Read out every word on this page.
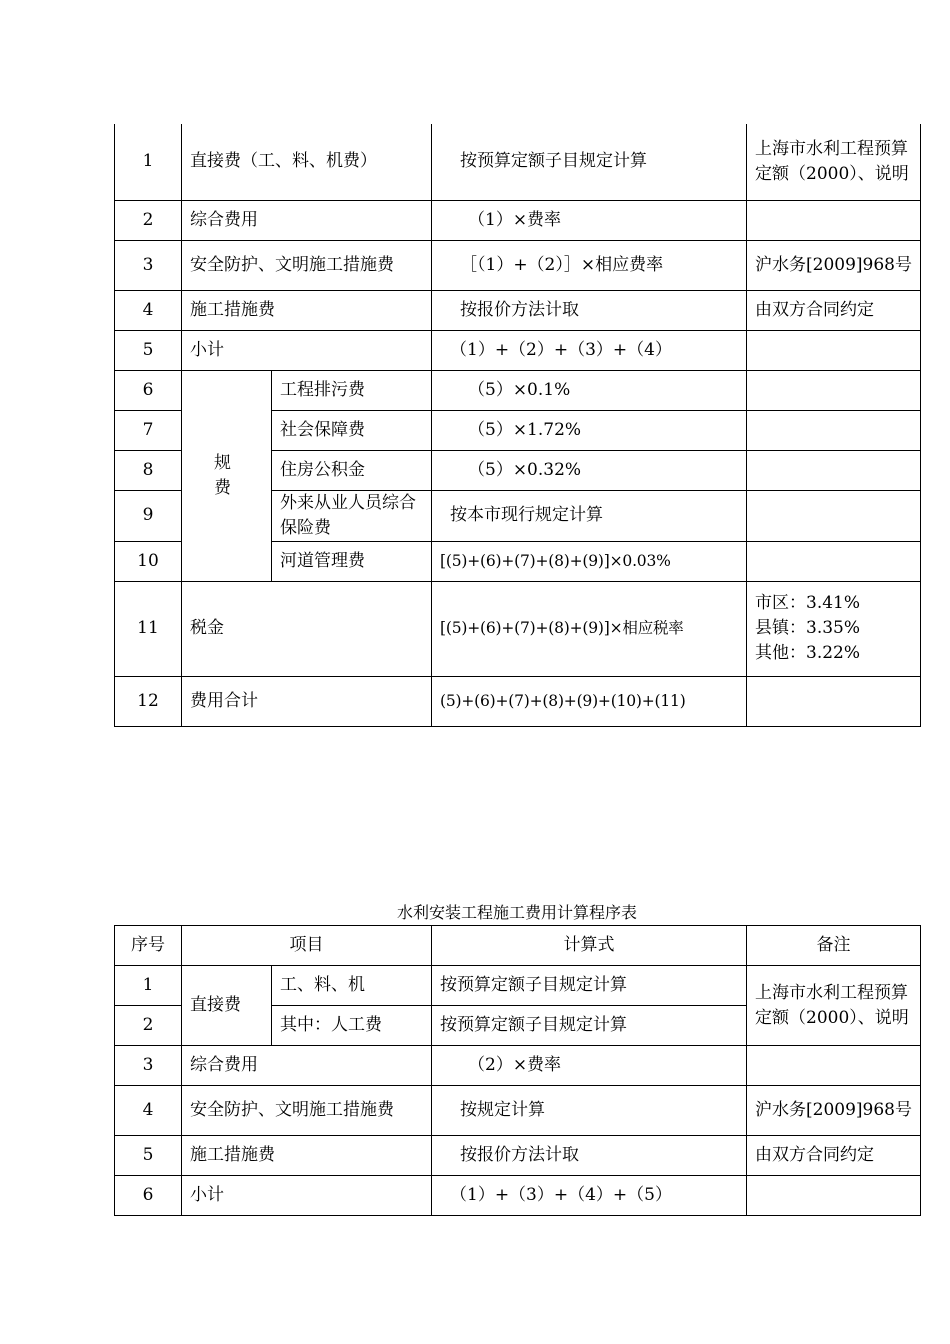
1	直接费（工、料、机费）		按预算定额子目规定计算	上海市水利工程预算定额（2000）、说明
2	综合费用		（1）×费率	
3	安全防护、文明施工措施费		［（1）+（2）］×相应费率	沪水务[2009]968号
4	施工措施费		按报价方法计取	由双方合同约定
5	小计		（1）+（2）+（3）+（4）	
6	规 费	工程排污费	（5）×0.1%	
7		社会保障费	（5）×1.72%	
8		住房公积金	（5）×0.32%	
9		外来从业人员综合保险费	按本市现行规定计算	
10		河道管理费	[(5)+(6)+(7)+(8)+(9)]×0.03%	
11	税金		[(5)+(6)+(7)+(8)+(9)]×相应税率	市区：3.41%
县镇：3.35%
其他：3.22%

12	费用合计		(5)+(6)+(7)+(8)+(9)+(10)+(11)	
水利安装工程施工费用计算程序表
序号	项目		计算式	备注
1	直接费	工、料、机	按预算定额子目规定计算	上海市水利工程预算定额（2000）、说明
2		其中：人工费	按预算定额子目规定计算	
3	综合费用		（2）×费率	
4	安全防护、文明施工措施费		按规定计算	沪水务[2009]968号
5	施工措施费		按报价方法计取	由双方合同约定
6	小计		（1）+（3）+（4）+（5）	
